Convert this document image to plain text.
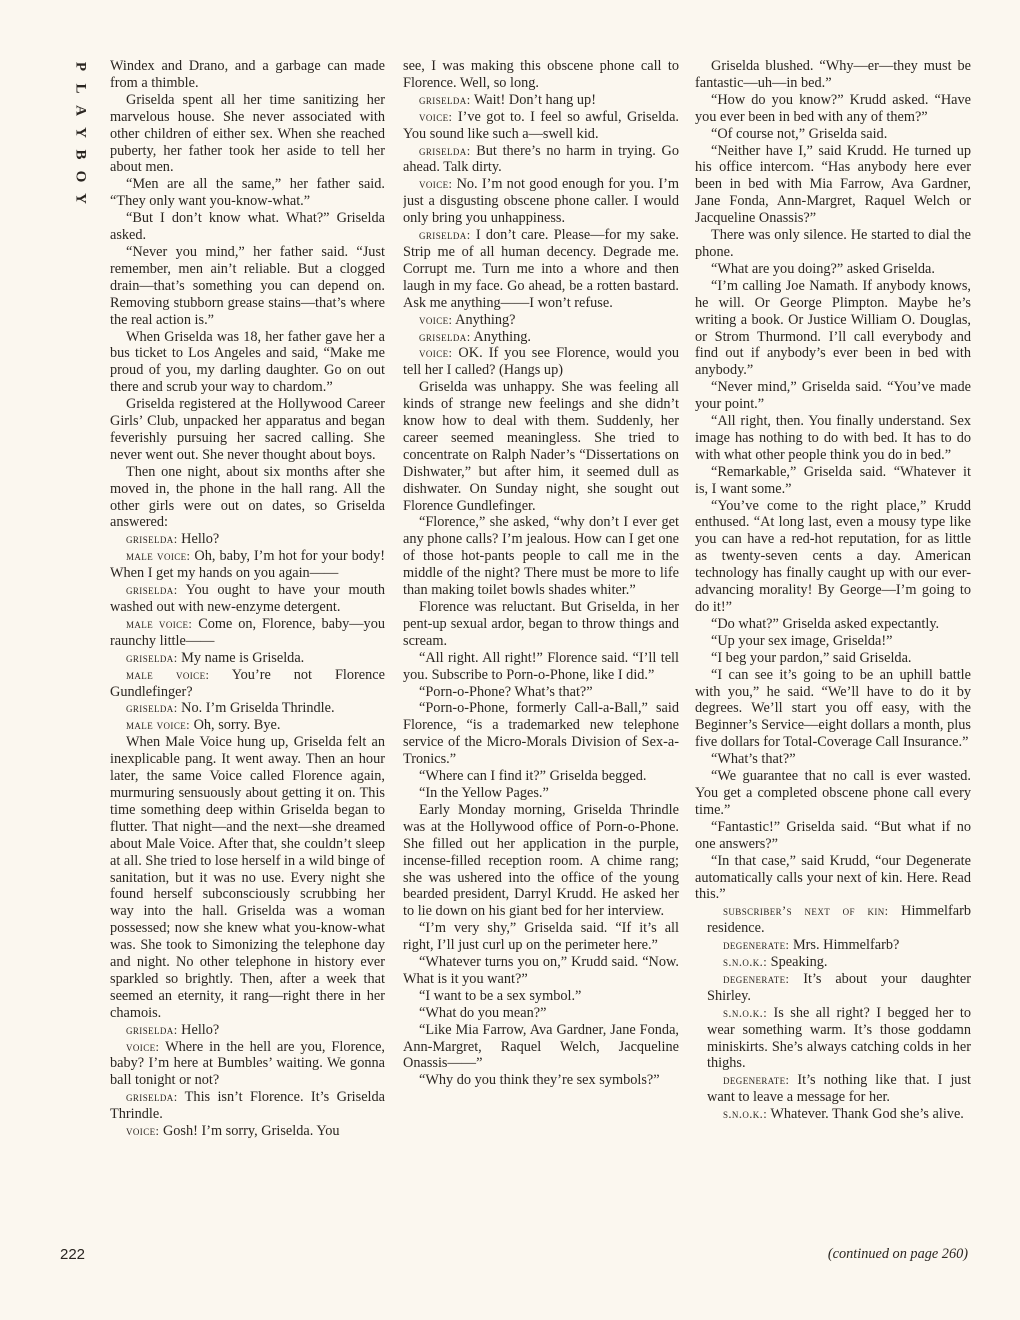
P
L
A
Y
B
O
Y

Windex and Drano, and a garbage can made from a thimble.

Griselda spent all her time sanitizing her marvelous house. She never associated with other children of either sex. When she reached puberty, her father took her aside to tell her about men.

“Men are all the same,” her father said. “They only want you-know-what.”

“But I don’t know what. What?” Griselda asked.

“Never you mind,” her father said. “Just remember, men ain’t reliable. But a clogged drain—that’s something you can depend on. Removing stubborn grease stains—that’s where the real action is.”

When Griselda was 18, her father gave her a bus ticket to Los Angeles and said, “Make me proud of you, my darling daughter. Go on out there and scrub your way to chardom.”

Griselda registered at the Hollywood Career Girls’ Club, unpacked her apparatus and began feverishly pursuing her sacred calling. She never went out. She never thought about boys.

Then one night, about six months after she moved in, the phone in the hall rang. All the other girls were out on dates, so Griselda answered:

griselda: Hello?

male voice: Oh, baby, I’m hot for your body! When I get my hands on you again——

griselda: You ought to have your mouth washed out with new-enzyme detergent.

male voice: Come on, Florence, baby—you raunchy little——

griselda: My name is Griselda.

male voice: You’re not Florence Gundlefinger?

griselda: No. I’m Griselda Thrindle.

male voice: Oh, sorry. Bye.

When Male Voice hung up, Griselda felt an inexplicable pang. It went away. Then an hour later, the same Voice called Florence again, murmuring sensuously about getting it on. This time something deep within Griselda began to flutter. That night—and the next—she dreamed about Male Voice. After that, she couldn’t sleep at all. She tried to lose herself in a wild binge of sanitation, but it was no use. Every night she found herself subconsciously scrubbing her way into the hall. Griselda was a woman possessed; now she knew what you-know-what was. She took to Simonizing the telephone day and night. No other telephone in history ever sparkled so brightly. Then, after a week that seemed an eternity, it rang—right there in her chamois.

griselda: Hello?

voice: Where in the hell are you, Florence, baby? I’m here at Bumbles’ waiting. We gonna ball tonight or not?

griselda: This isn’t Florence. It’s Griselda Thrindle.

voice: Gosh! I’m sorry, Griselda. You

see, I was making this obscene phone call to Florence. Well, so long.

griselda: Wait! Don’t hang up!

voice: I’ve got to. I feel so awful, Griselda. You sound like such a—swell kid.

griselda: But there’s no harm in trying. Go ahead. Talk dirty.

voice: No. I’m not good enough for you. I’m just a disgusting obscene phone caller. I would only bring you unhappiness.

griselda: I don’t care. Please—for my sake. Strip me of all human decency. Degrade me. Corrupt me. Turn me into a whore and then laugh in my face. Go ahead, be a rotten bastard. Ask me anything——I won’t refuse.

voice: Anything?

griselda: Anything.

voice: OK. If you see Florence, would you tell her I called? (Hangs up)

Griselda was unhappy. She was feeling all kinds of strange new feelings and she didn’t know how to deal with them. Suddenly, her career seemed meaningless. She tried to concentrate on Ralph Nader’s “Dissertations on Dishwater,” but after him, it seemed dull as dishwater. On Sunday night, she sought out Florence Gundlefinger.

“Florence,” she asked, “why don’t I ever get any phone calls? I’m jealous. How can I get one of those hot-pants people to call me in the middle of the night? There must be more to life than making toilet bowls shades whiter.”

Florence was reluctant. But Griselda, in her pent-up sexual ardor, began to throw things and scream.

“All right. All right!” Florence said. “I’ll tell you. Subscribe to Porn-o-Phone, like I did.”

“Porn-o-Phone? What’s that?”

“Porn-o-Phone, formerly Call-a-Ball,” said Florence, “is a trademarked new telephone service of the Micro-Morals Division of Sex-a-Tronics.”

“Where can I find it?” Griselda begged.

“In the Yellow Pages.”

Early Monday morning, Griselda Thrindle was at the Hollywood office of Porn-o-Phone. She filled out her application in the purple, incense-filled reception room. A chime rang; she was ushered into the office of the young bearded president, Darryl Krudd. He asked her to lie down on his giant bed for her interview.

“I’m very shy,” Griselda said. “If it’s all right, I’ll just curl up on the perimeter here.”

“Whatever turns you on,” Krudd said. “Now. What is it you want?”

“I want to be a sex symbol.”

“What do you mean?”

“Like Mia Farrow, Ava Gardner, Jane Fonda, Ann-Margret, Raquel Welch, Jacqueline Onassis——”

“Why do you think they’re sex symbols?”

Griselda blushed. “Why—er—they must be fantastic—uh—in bed.”

“How do you know?” Krudd asked. “Have you ever been in bed with any of them?”

“Of course not,” Griselda said.

“Neither have I,” said Krudd. He turned up his office intercom. “Has anybody here ever been in bed with Mia Farrow, Ava Gardner, Jane Fonda, Ann-Margret, Raquel Welch or Jacqueline Onassis?”

There was only silence. He started to dial the phone.

“What are you doing?” asked Griselda.

“I’m calling Joe Namath. If anybody knows, he will. Or George Plimpton. Maybe he’s writing a book. Or Justice William O. Douglas, or Strom Thurmond. I’ll call everybody and find out if anybody’s ever been in bed with anybody.”

“Never mind,” Griselda said. “You’ve made your point.”

“All right, then. You finally understand. Sex image has nothing to do with bed. It has to do with what other people think you do in bed.”

“Remarkable,” Griselda said. “Whatever it is, I want some.”

“You’ve come to the right place,” Krudd enthused. “At long last, even a mousy type like you can have a red-hot reputation, for as little as twenty-seven cents a day. American technology has finally caught up with our ever-advancing morality! By George—I’m going to do it!”

“Do what?” Griselda asked expectantly.

“Up your sex image, Griselda!”

“I beg your pardon,” said Griselda.

“I can see it’s going to be an uphill battle with you,” he said. “We’ll have to do it by degrees. We’ll start you off easy, with the Beginner’s Service—eight dollars a month, plus five dollars for Total-Coverage Call Insurance.”

“What’s that?”

“We guarantee that no call is ever wasted. You get a completed obscene phone call every time.”

“Fantastic!” Griselda said. “But what if no one answers?”

“In that case,” said Krudd, “our Degenerate automatically calls your next of kin. Here. Read this.”

subscriber’s next of kin: Himmelfarb residence.

degenerate: Mrs. Himmelfarb?

s.n.o.k.: Speaking.

degenerate: It’s about your daughter Shirley.

s.n.o.k.: Is she all right? I begged her to wear something warm. It’s those goddamn miniskirts. She’s always catching colds in her thighs.

degenerate: It’s nothing like that. I just want to leave a message for her.

s.n.o.k.: Whatever. Thank God she’s alive.

222	(continued on page 260)
